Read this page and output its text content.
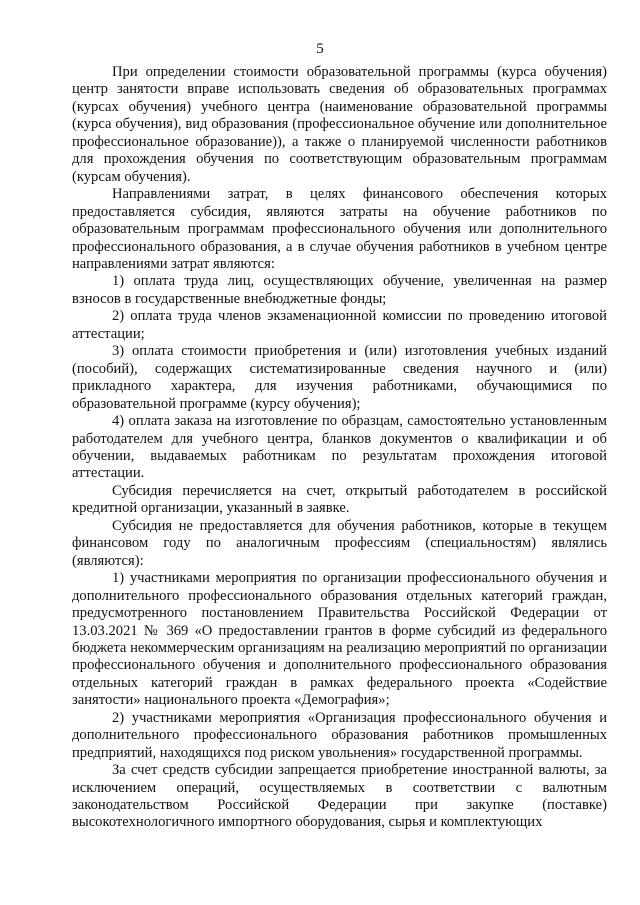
5

При определении стоимости образовательной программы (курса обучения) центр занятости вправе использовать сведения об образовательных программах (курсах обучения) учебного центра (наименование образовательной программы (курса обучения), вид образования (профессиональное обучение или дополнительное профессиональное образование)), а также о планируемой численности работников для прохождения обучения по соответствующим образовательным программам (курсам обучения).

Направлениями затрат, в целях финансового обеспечения которых предоставляется субсидия, являются затраты на обучение работников по образовательным программам профессионального обучения или дополнительного профессионального образования, а в случае обучения работников в учебном центре направлениями затрат являются:

1) оплата труда лиц, осуществляющих обучение, увеличенная на размер взносов в государственные внебюджетные фонды;

2) оплата труда членов экзаменационной комиссии по проведению итоговой аттестации;

3) оплата стоимости приобретения и (или) изготовления учебных изданий (пособий), содержащих систематизированные сведения научного и (или) прикладного характера, для изучения работниками, обучающимися по образовательной программе (курсу обучения);

4) оплата заказа на изготовление по образцам, самостоятельно установленным работодателем для учебного центра, бланков документов о квалификации и об обучении, выдаваемых работникам по результатам прохождения итоговой аттестации.

Субсидия перечисляется на счет, открытый работодателем в российской кредитной организации, указанный в заявке.

Субсидия не предоставляется для обучения работников, которые в текущем финансовом году по аналогичным профессиям (специальностям) являлись (являются):

1) участниками мероприятия по организации профессионального обучения и дополнительного профессионального образования отдельных категорий граждан, предусмотренного постановлением Правительства Российской Федерации от 13.03.2021 № 369 «О предоставлении грантов в форме субсидий из федерального бюджета некоммерческим организациям на реализацию мероприятий по организации профессионального обучения и дополнительного профессионального образования отдельных категорий граждан в рамках федерального проекта «Содействие занятости» национального проекта «Демография»;

2) участниками мероприятия «Организация профессионального обучения и дополнительного профессионального образования работников промышленных предприятий, находящихся под риском увольнения» государственной программы.

За счет средств субсидии запрещается приобретение иностранной валюты, за исключением операций, осуществляемых в соответствии с валютным законодательством Российской Федерации при закупке (поставке) высокотехнологичного импортного оборудования, сырья и комплектующих
